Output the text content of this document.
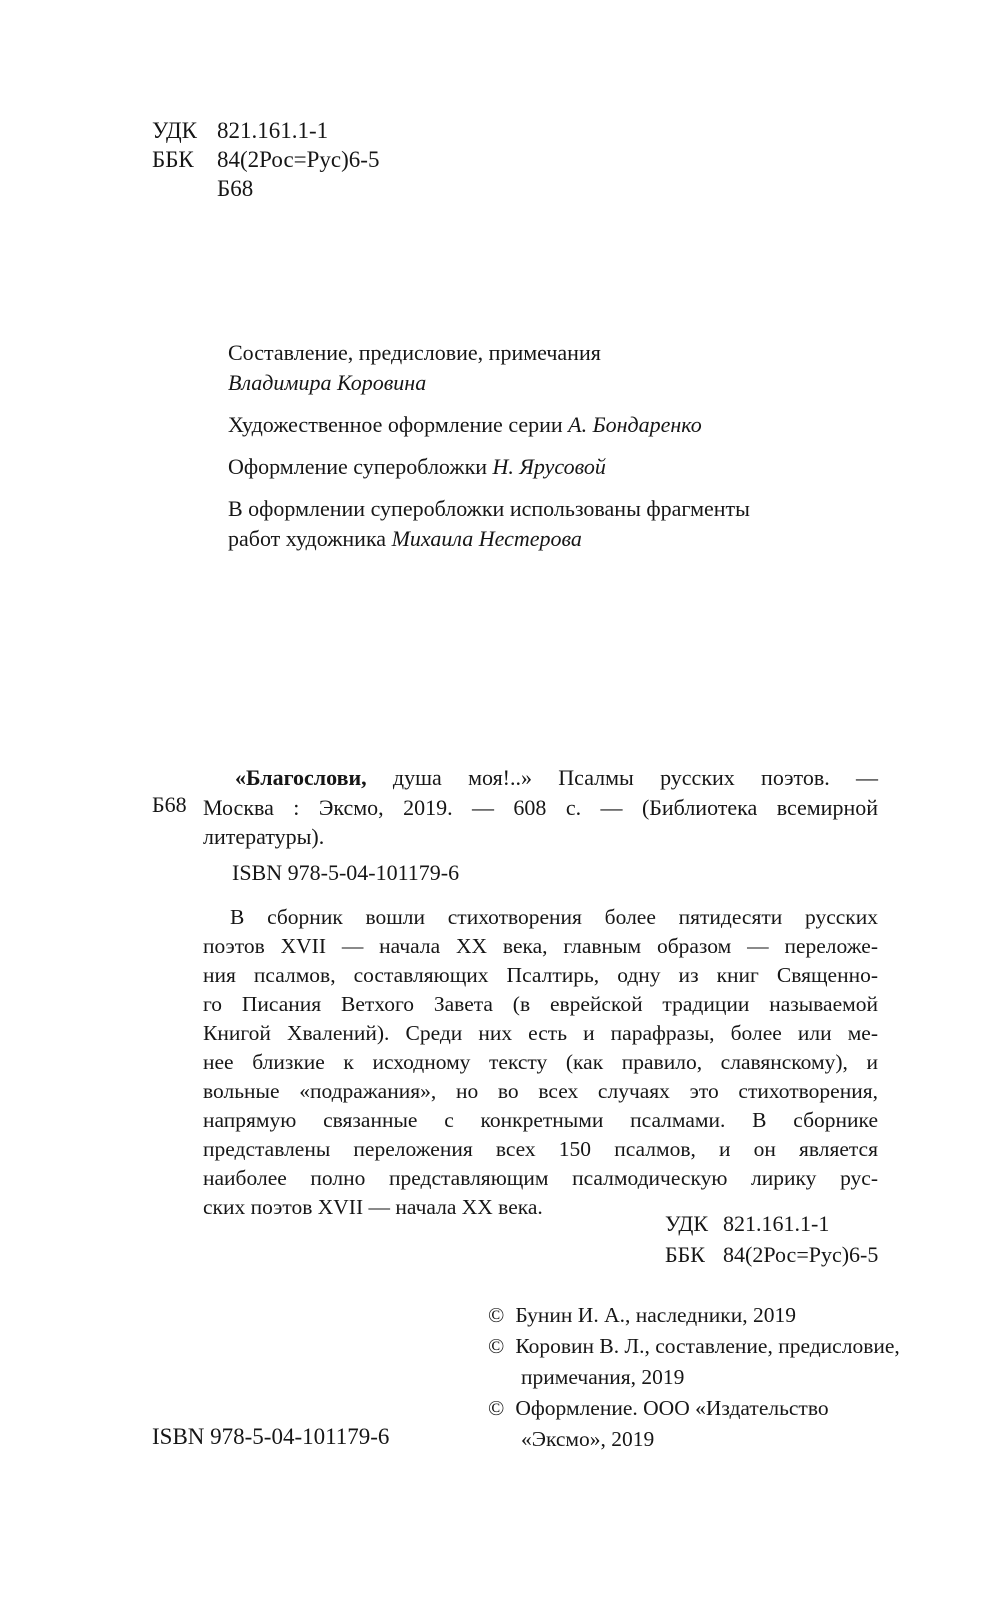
УДК 821.161.1-1
ББК	84(2Рос=Рус)6-5
Б68

Составление, предисловие, примечания
Владимира Коровина

Художественное оформление серии А. Бондаренко

Оформление суперобложки Н. Ярусовой

В оформлении суперобложки использованы фрагменты
работ художника Михаила Нестерова

Б68
«Благослови, душа моя!..» Псалмы русских поэтов. —
Москва : Эксмо, 2019. — 608 с. — (Библиотека всемирной
литературы).
ISBN 978-5-04-101179-6
В сборник вошли стихотворения более пятидесяти русских
поэтов XVII — начала XX века, главным образом — переложе-
ния псалмов, составляющих Псалтирь, одну из книг Священно-
го Писания Ветхого Завета (в еврейской традиции называемой
Книгой Хвалений). Среди них есть и парафразы, более или ме-
нее близкие к исходному тексту (как правило, славянскому), и
вольные «подражания», но во всех случаях это стихотворения,
напрямую связанные с конкретными псалмами. В сборнике
представлены переложения всех 150 псалмов, и он является
наиболее полно представляющим псалмодическую лирику рус-
ских поэтов XVII — начала XX века.
УДК 821.161.1-1
ББК 84(2Рос=Рус)6-5

© Бунин И. А., наследники, 2019

© Коровин В. Л., составление, предисловие, примечания, 2019

© Оформление. ООО «Издательство «Эксмо», 2019

ISBN 978-5-04-101179-6
